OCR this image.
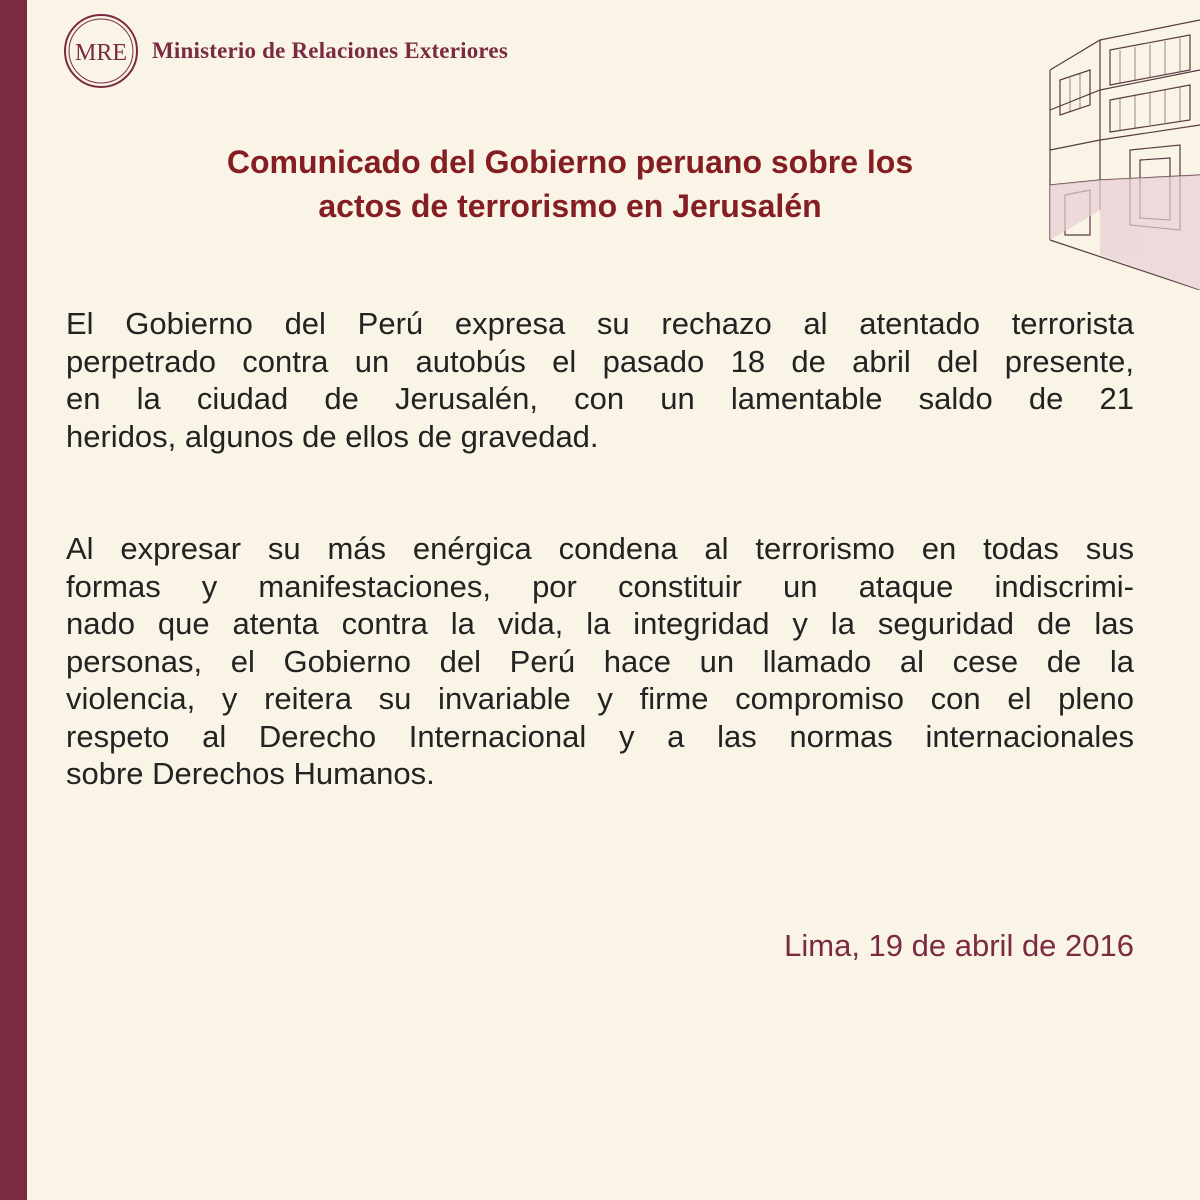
MRE Ministerio de Relaciones Exteriores
Comunicado del Gobierno peruano sobre los
actos de terrorismo en Jerusalén
El Gobierno del Perú expresa su rechazo al atentado terrorista
perpetrado contra un autobús el pasado 18 de abril del presente,
en la ciudad de Jerusalén, con un lamentable saldo de 21
heridos, algunos de ellos de gravedad.
Al expresar su más enérgica condena al terrorismo en todas sus
formas y manifestaciones, por constituir un ataque indiscrimi-
nado que atenta contra la vida, la integridad y la seguridad de las
personas, el Gobierno del Perú hace un llamado al cese de la
violencia, y reitera su invariable y firme compromiso con el pleno
respeto al Derecho Internacional y a las normas internacionales
sobre Derechos Humanos.
Lima, 19 de abril de 2016
